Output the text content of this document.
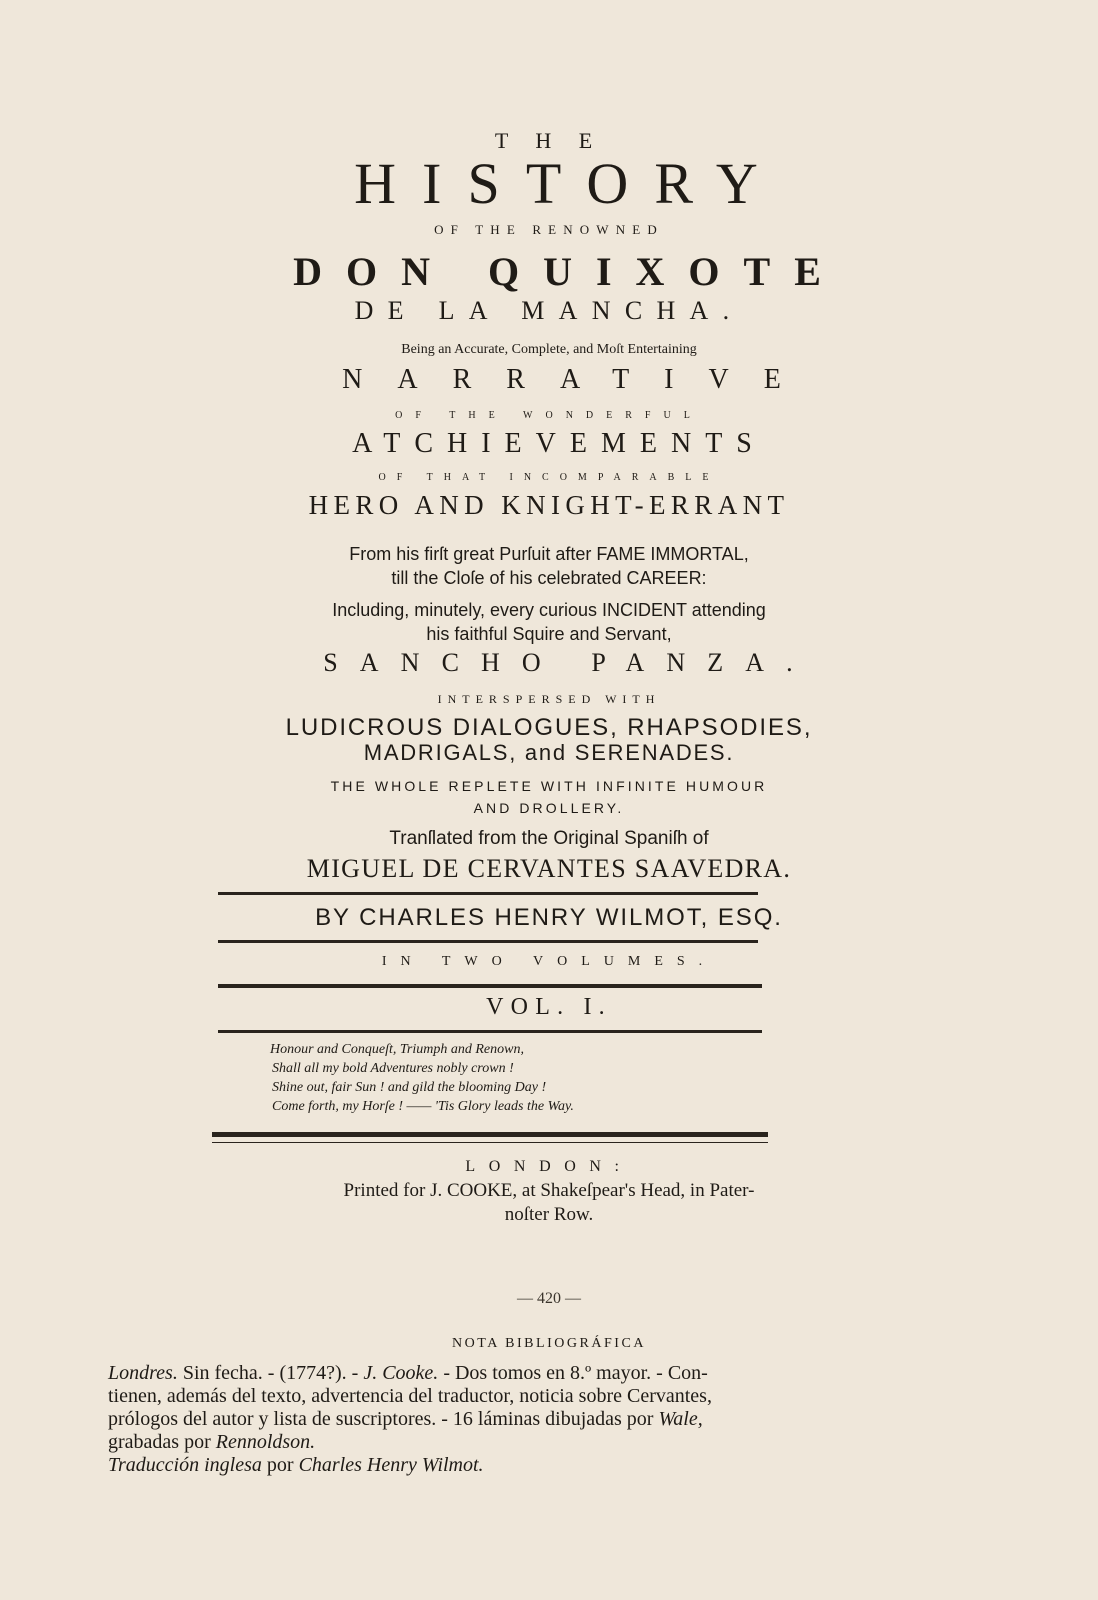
T H E
HISTORY
OF THE RENOWNED
DON QUIXOTE
DE LA MANCHA.
Being an Accurate, Complete, and Moſt Entertaining
NARRATIVE
OF THE WONDERFUL
ATCHIEVEMENTS
OF THAT INCOMPARABLE
HERO AND KNIGHT-ERRANT
From his firſt great Purſuit after FAME IMMORTAL,
till the Cloſe of his celebrated CAREER:
Including, minutely, every curious INCIDENT attending
his faithful Squire and Servant,
SANCHO PANZA.
INTERSPERSED WITH
LUDICROUS DIALOGUES, RHAPSODIES,
MADRIGALS, and SERENADES.
THE WHOLE REPLETE WITH INFINITE HUMOUR
AND DROLLERY.
Tranſlated from the Original Spaniſh of
MIGUEL DE CERVANTES SAAVEDRA.
BY CHARLES HENRY WILMOT, ESQ.
IN TWO VOLUMES.
VOL. I.
Honour and Conqueſt, Triumph and Renown,
Shall all my bold Adventures nobly crown !
Shine out, fair Sun ! and gild the blooming Day !
Come forth, my Horſe ! —— 'Tis Glory leads the Way.
LONDON:
Printed for J. COOKE, at Shakeſpear's Head, in Pater-
noſter Row.
— 420 —
NOTA BIBLIOGRÁFICA
Londres. Sin fecha. - (1774?). - J. Cooke. - Dos tomos en 8.º mayor. - Con-
tienen, además del texto, advertencia del traductor, noticia sobre Cervantes,
prólogos del autor y lista de suscriptores. - 16 láminas dibujadas por Wale,
grabadas por Rennoldson.
Traducción inglesa por Charles Henry Wilmot.
